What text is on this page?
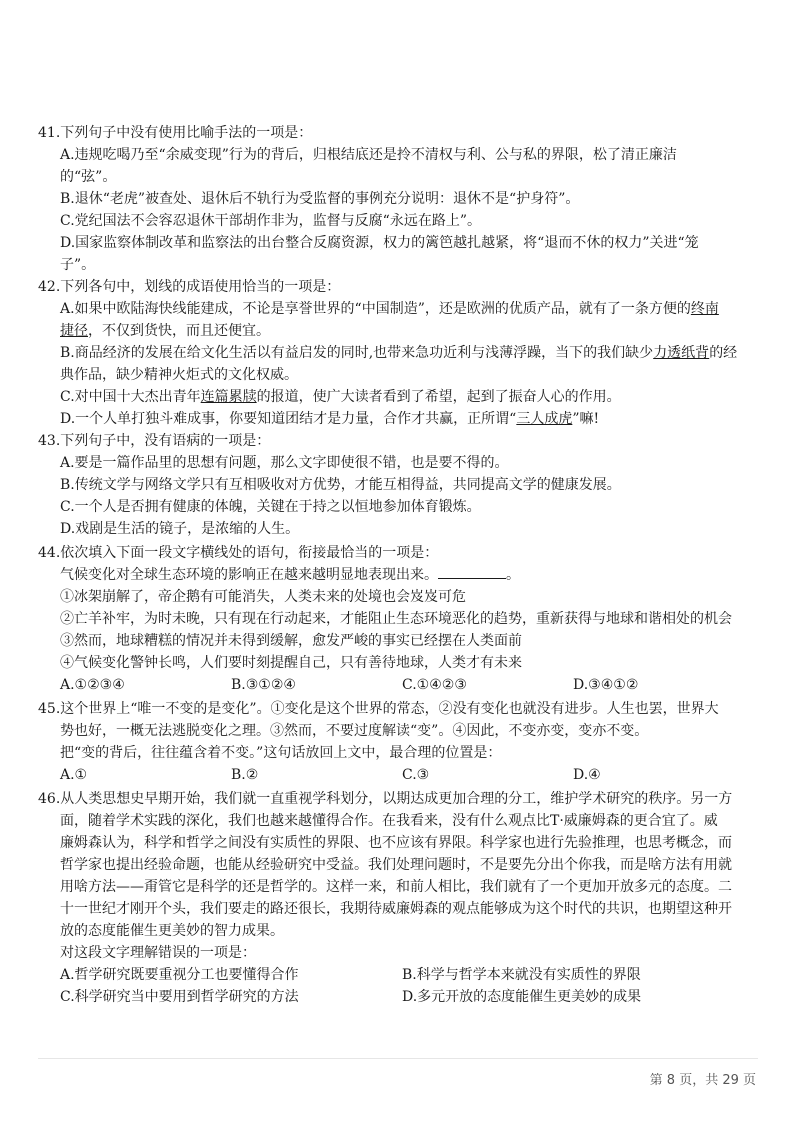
41.下列句子中没有使用比喻手法的一项是：
A.违规吃喝乃至“余威变现”行为的背后，归根结底还是拎不清权与利、公与私的界限，松了清正廉洁
的“弦”。
B.退休“老虎”被查处、退休后不轨行为受监督的事例充分说明：退休不是“护身符”。
C.党纪国法不会容忍退休干部胡作非为，监督与反腐“永远在路上”。
D.国家监察体制改革和监察法的出台整合反腐资源，权力的篱笆越扎越紧，将“退而不休的权力”关进“笼
子”。
42.下列各句中，划线的成语使用恰当的一项是：
A.如果中欧陆海快线能建成，不论是享誉世界的“中国制造”，还是欧洲的优质产品，就有了一条方便的终南
捷径，不仅到货快，而且还便宜。
B.商品经济的发展在给文化生活以有益启发的同时,也带来急功近利与浅薄浮躁，当下的我们缺少力透纸背的经
典作品，缺少精神火炬式的文化权威。
C.对中国十大杰出青年连篇累牍的报道，使广大读者看到了希望，起到了振奋人心的作用。
D.一个人单打独斗难成事，你要知道团结才是力量，合作才共赢，正所谓“三人成虎”嘛!
43.下列句子中，没有语病的一项是：
A.要是一篇作品里的思想有问题，那么文字即使很不错，也是要不得的。
B.传统文学与网络文学只有互相吸收对方优势，才能互相得益，共同提高文学的健康发展。
C.一个人是否拥有健康的体魄，关键在于持之以恒地参加体育锻炼。
D.戏剧是生活的镜子，是浓缩的人生。
44.依次填入下面一段文字横线处的语句，衔接最恰当的一项是：
气候变化对全球生态环境的影响正在越来越明显地表现出来。	。
①冰架崩解了，帝企鹅有可能消失，人类未来的处境也会岌岌可危
②亡羊补牢，为时未晚，只有现在行动起来，才能阻止生态环境恶化的趋势，重新获得与地球和谐相处的机会
③然而，地球糟糕的情况并未得到缓解，愈发严峻的事实已经摆在人类面前
④气候变化警钟长鸣，人们要时刻提醒自己，只有善待地球，人类才有未来
A.①②③④	B.③①②④	C.①④②③	D.③④①②
45.这个世界上“唯一不变的是变化”。①变化是这个世界的常态，②没有变化也就没有进步。人生也罢，世界大
势也好，一概无法逃脱变化之理。③然而，不要过度解读“变”。④因此，不变亦变，变亦不变。
把“变的背后，往往蕴含着不变。”这句话放回上文中，最合理的位置是：
A.①	B.②	C.③	D.④
46.从人类思想史早期开始，我们就一直重视学科划分，以期达成更加合理的分工，维护学术研究的秩序。另一方
面，随着学术实践的深化，我们也越来越懂得合作。在我看来，没有什么观点比T·威廉姆森的更合宜了。威
廉姆森认为，科学和哲学之间没有实质性的界限、也不应该有界限。科学家也进行先验推理，也思考概念，而
哲学家也提出经验命题，也能从经验研究中受益。我们处理问题时，不是要先分出个你我，而是啥方法有用就
用啥方法——甭管它是科学的还是哲学的。这样一来，和前人相比，我们就有了一个更加开放多元的态度。二
十一世纪才刚开个头，我们要走的路还很长，我期待威廉姆森的观点能够成为这个时代的共识，也期望这种开
放的态度能催生更美妙的智力成果。
对这段文字理解错误的一项是：
A.哲学研究既要重视分工也要懂得合作	B.科学与哲学本来就没有实质性的界限
C.科学研究当中要用到哲学研究的方法	D.多元开放的态度能催生更美妙的成果
第 8 页，共 29 页
